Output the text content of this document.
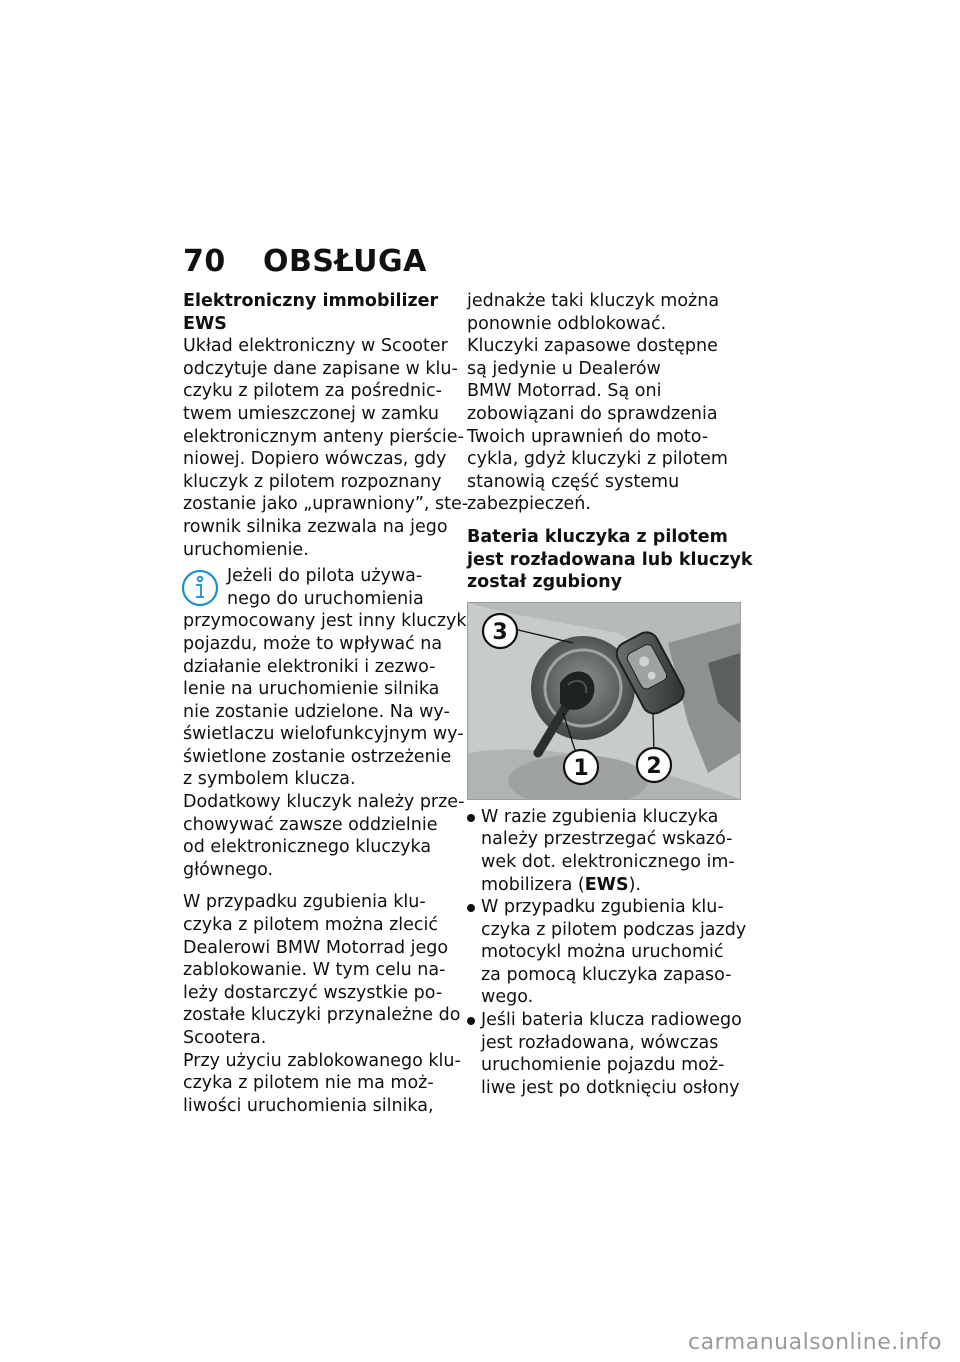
70	OBSŁUGA

Elektroniczny immobilizer
EWS

Układ elektroniczny w Scooter
odczytuje dane zapisane w klu-
czyku z pilotem za pośrednic-
twem umieszczonej w zamku
elektronicznym anteny pierście-
niowej. Dopiero wówczas, gdy
kluczyk z pilotem rozpoznany
zostanie jako „uprawniony”, ste-
rownik silnika zezwala na jego
uruchomienie.

Jeżeli do pilota używa-
nego do uruchomienia
przymocowany jest inny kluczyk
pojazdu, może to wpływać na
działanie elektroniki i zezwo-
lenie na uruchomienie silnika
nie zostanie udzielone. Na wy-
świetlaczu wielofunkcyjnym wy-
świetlone zostanie ostrzeżenie
z symbolem klucza.

Dodatkowy kluczyk należy prze-
chowywać zawsze oddzielnie
od elektronicznego kluczyka
głównego.

W przypadku zgubienia klu-
czyka z pilotem można zlecić
Dealerowi BMW Motorrad jego
zablokowanie. W tym celu na-
leży dostarczyć wszystkie po-
zostałe kluczyki przynależne do
Scootera.

Przy użyciu zablokowanego klu-
czyka z pilotem nie ma moż-
liwości uruchomienia silnika,

jednakże taki kluczyk można
ponownie odblokować.

Kluczyki zapasowe dostępne
są jedynie u Dealerów
BMW Motorrad. Są oni
zobowiązani do sprawdzenia
Twoich uprawnień do moto-
cykla, gdyż kluczyki z pilotem
stanowią część systemu
zabezpieczeń.

Bateria kluczyka z pilotem
jest rozładowana lub kluczyk
został zgubiony

3
1	2
W razie zgubienia kluczyka
należy przestrzegać wskazó-
wek dot. elektronicznego im-
mobilizera (EWS).
W przypadku zgubienia klu-
czyka z pilotem podczas jazdy
motocykl można uruchomić
za pomocą kluczyka zapaso-
wego.
Jeśli bateria klucza radiowego
jest rozładowana, wówczas
uruchomienie pojazdu moż-
liwe jest po dotknięciu osłony
carmanualsonline.info
